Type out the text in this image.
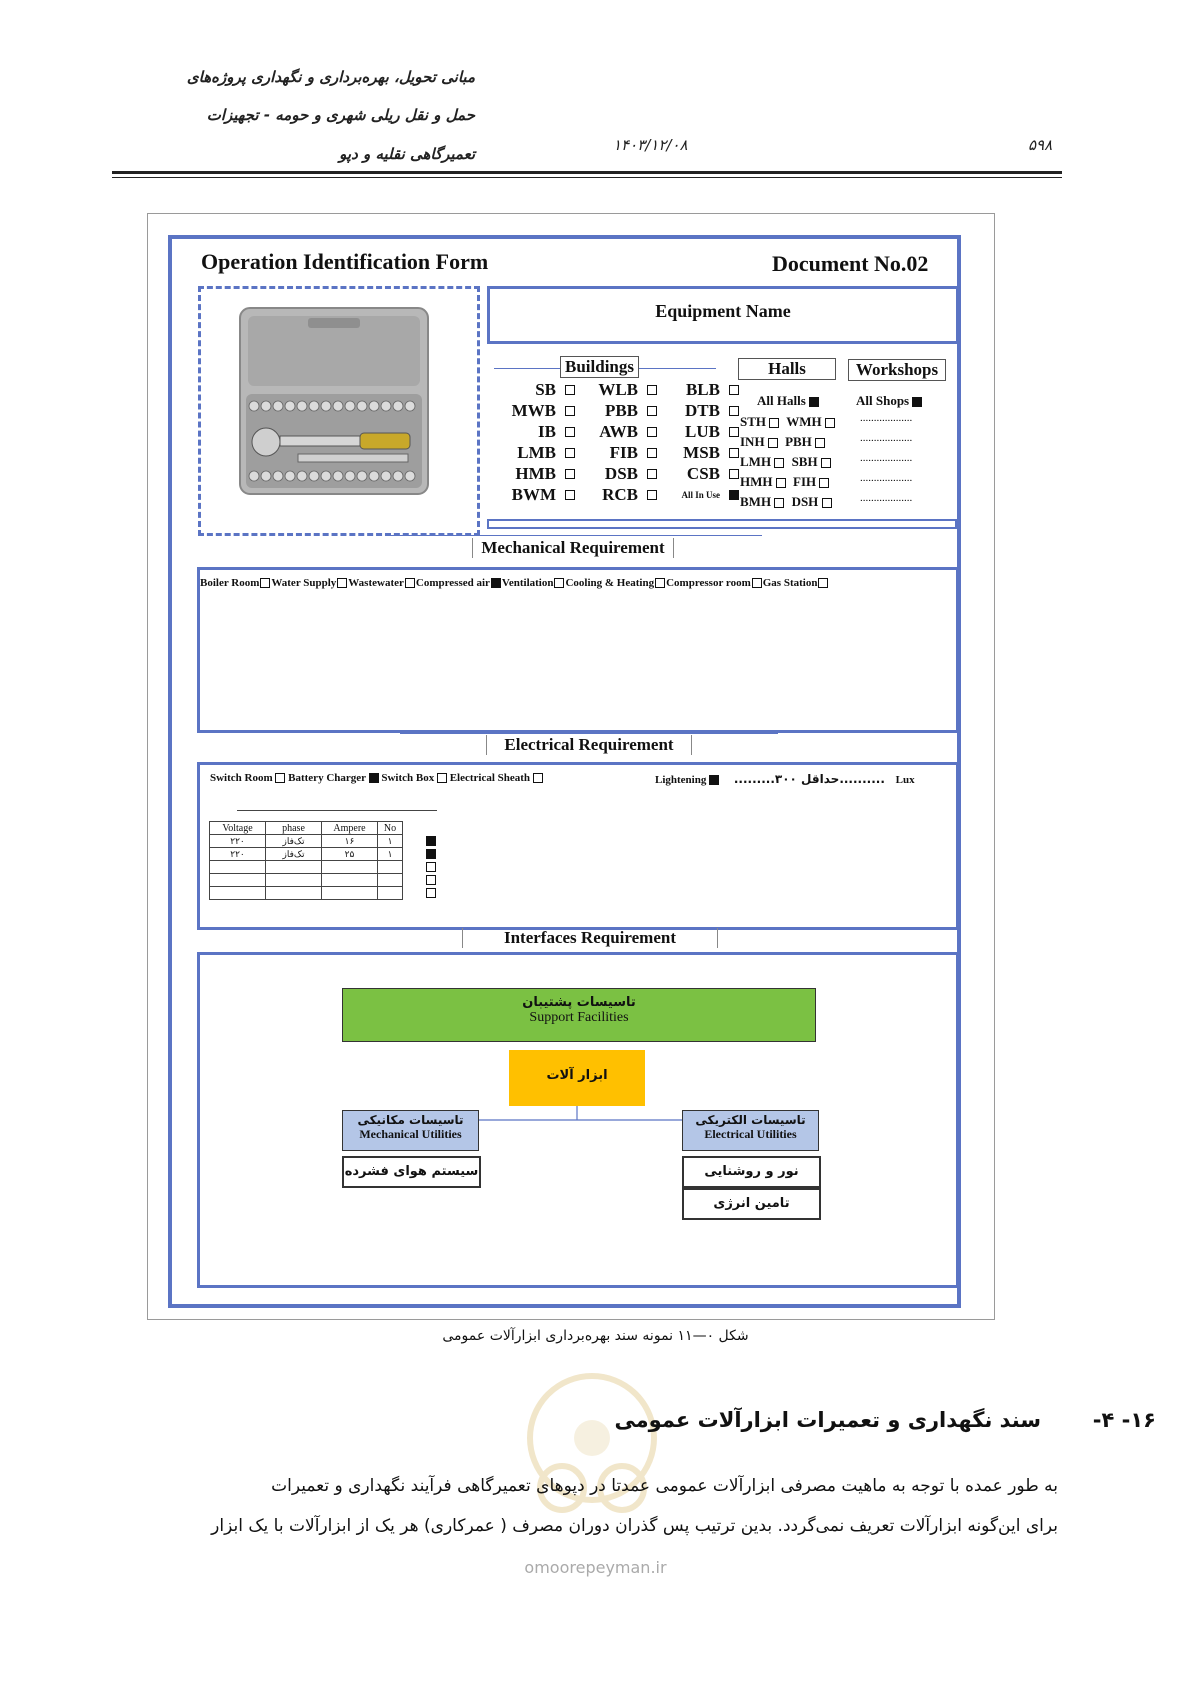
مبانی تحویل، بهره‌برداری و نگهداری پروژه‌های
حمل و نقل ریلی شهری و حومه - تجهیزات
تعمیرگاهی نقلیه و دپو	۱۴۰۳/۱۲/۰۸	۵۹۸
Operation Identification Form	Document No.02
Equipment Name
Buildings	Halls	Workshops
SB WLB	BLB
MWB	PBB	DTB
IB	AWB	LUB
LMB	FIB	MSB
HMB	DSB	CSB
BWM	RCB	All In Use
All Halls
STH WMH
INH PBH
LMH SBH
HMH FIH
BMH DSH
All Shops
...................
...................
...................
...................
...................
Mechanical Requirement
Boiler Room Water Supply Wastewater Compressed air Ventilation Cooling & Heating Compressor room Gas Station
Electrical Requirement
Switch Room Battery Charger Switch Box Electrical Sheath	Lightening ..........حداقل ۳۰۰......... Lux
Voltage	phase	Ampere	No
۲۲۰	تک‌فاز	۱۶	۱
۲۲۰	تک‌فاز	۲۵	۱

Interfaces Requirement
تاسیسات پشتیبان
Support Facilities
ابزار آلات
تاسیسات مکانیکی
Mechanical Utilities
سیستم هوای فشرده
تاسیسات الکتریکی
Electrical Utilities
نور و روشنایی
تامین انرژی
شکل ۰—۱۱ نمونه سند بهره‌برداری ابزارآلات عمومی
سند نگهداری و تعمیرات ابزارآلات عمومی ۱۶- ۴-
به طور عمده با توجه به ماهیت مصرفی ابزارآلات عمومی عمدتا در دپوهای تعمیرگاهی فرآیند نگهداری و تعمیرات
برای این‌گونه ابزارآلات تعریف نمی‌گردد. بدین ترتیب پس گذران دوران مصرف ( عمرکاری) هر یک از ابزارآلات با یک ابزار
omoorepeyman.ir
